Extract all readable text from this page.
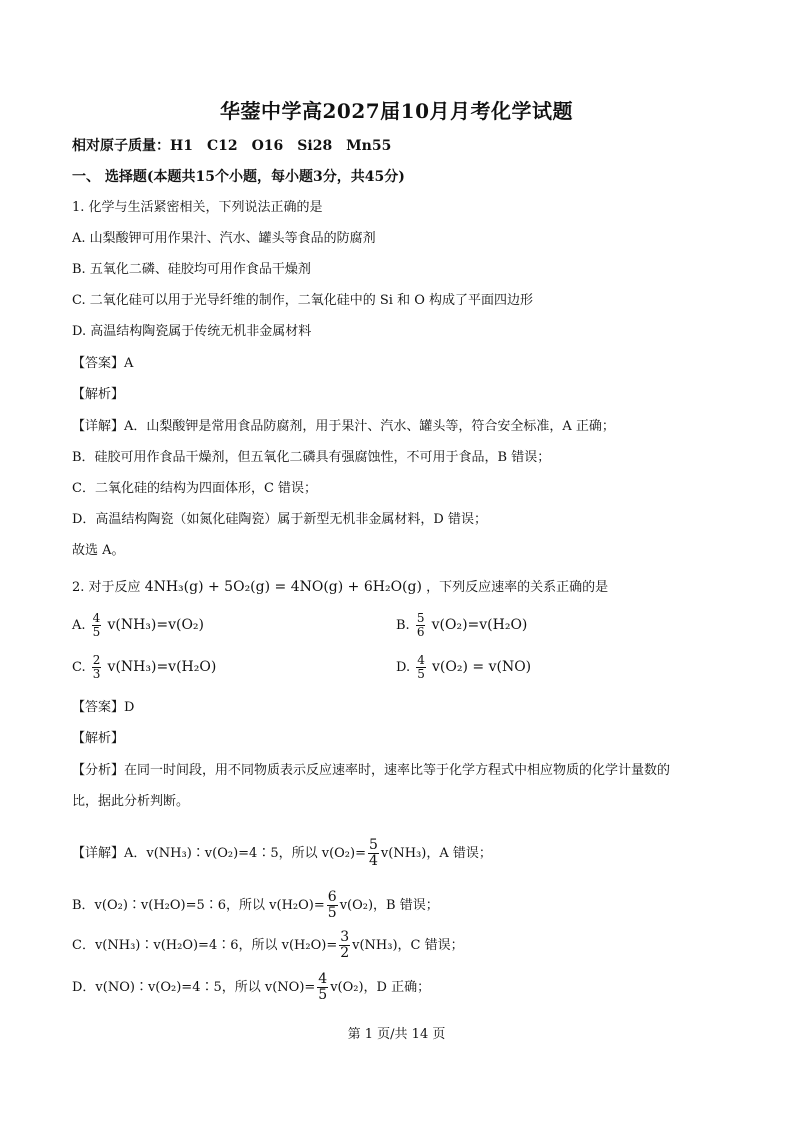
华蓥中学高2027届10月月考化学试题
相对原子质量：H1　C12　O16　Si28　Mn55
一、 选择题(本题共15个小题，每小题3分，共45分)
1. 化学与生活紧密相关，下列说法正确的是
A. 山梨酸钾可用作果汁、汽水、罐头等食品的防腐剂
B. 五氧化二磷、硅胶均可用作食品干燥剂
C. 二氧化硅可以用于光导纤维的制作，二氧化硅中的 Si 和 O 构成了平面四边形
D. 高温结构陶瓷属于传统无机非金属材料
【答案】A
【解析】
【详解】A．山梨酸钾是常用食品防腐剂，用于果汁、汽水、罐头等，符合安全标准，A 正确；
B．硅胶可用作食品干燥剂，但五氧化二磷具有强腐蚀性，不可用于食品，B 错误；
C．二氧化硅的结构为四面体形，C 错误；
D．高温结构陶瓷（如氮化硅陶瓷）属于新型无机非金属材料，D 错误；
故选 A。
2. 对于反应 4NH₃(g) + 5O₂(g) = 4NO(g) + 6H₂O(g) ，下列反应速率的关系正确的是
A. $\frac{4}{5} v(NH_3)=v(O_2)$	B. $\frac{5}{6} v(O_2)=v(H_2O)$
C. $\frac{2}{3} v(NH_3)=v(H_2O)$	D. $\frac{4}{5} v(O_2) = v(NO)$
【答案】D
【解析】
【分析】在同一时间段，用不同物质表示反应速率时，速率比等于化学方程式中相应物质的化学计量数的
比，据此分析判断。
【详解】A．v(NH₃)∶v(O₂)=4∶5，所以 $v(O_2)= \frac{5}{4} v(NH_3)$，A 错误；
B．v(O₂)∶v(H₂O)=5∶6，所以 $v(H_2O)= \frac{6}{5} v(O_2)$，B 错误；
C．v(NH₃)∶v(H₂O)=4∶6，所以 $v(H_2O)= \frac{3}{2} v(NH_3)$，C 错误；
D．v(NO)∶v(O₂)=4∶5，所以 $v(NO)= \frac{4}{5} v(O_2)$，D 正确；
第 1 页/共 14 页
